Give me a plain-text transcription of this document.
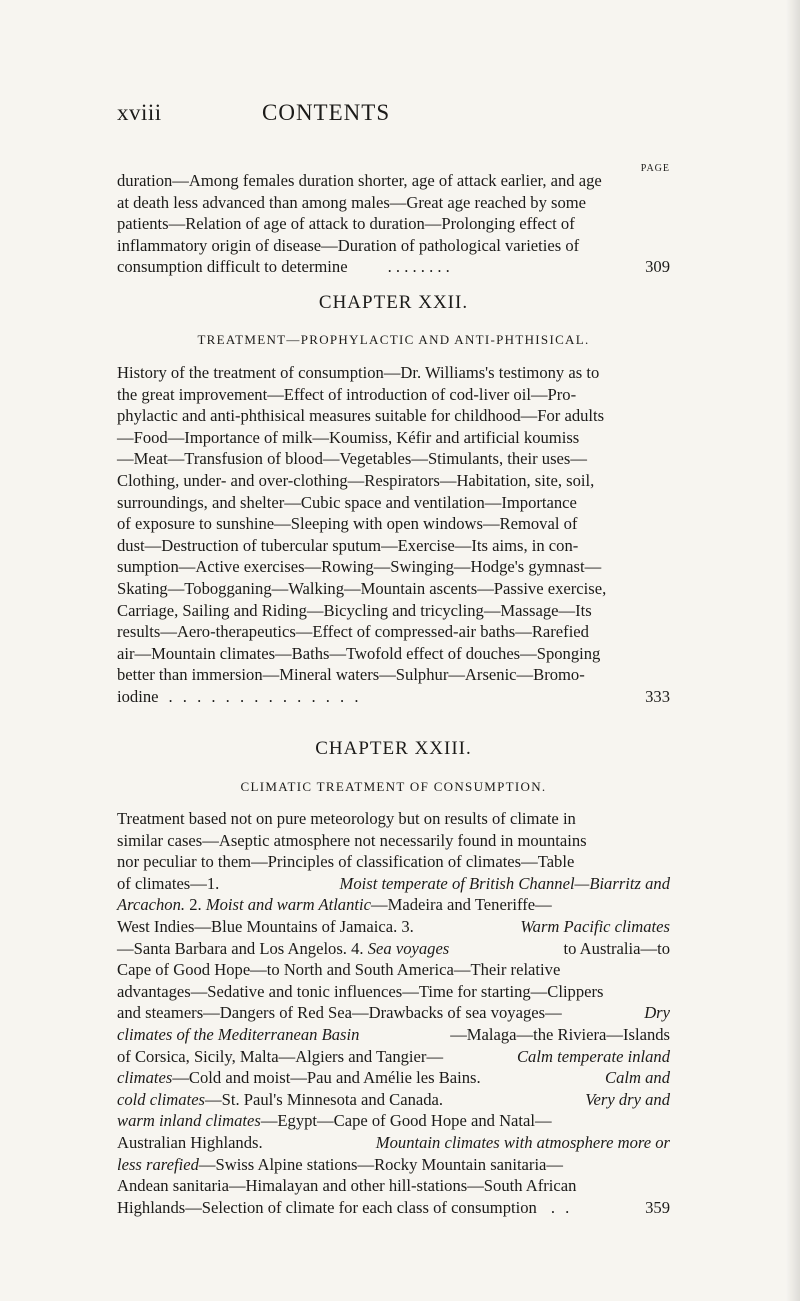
xviii	CONTENTS
PAGE
duration—Among females duration shorter, age of attack earlier, and age
at death less advanced than among males—Great age reached by some
patients—Relation of age of attack to duration—Prolonging effect of
inflammatory origin of disease—Duration of pathological varieties of
consumption difficult to determine . . . . . . . .	309
CHAPTER XXII.
TREATMENT—PROPHYLACTIC AND ANTI-PHTHISICAL.
History of the treatment of consumption—Dr. Williams's testimony as to
the great improvement—Effect of introduction of cod-liver oil—Pro-
phylactic and anti-phthisical measures suitable for childhood—For adults
—Food—Importance of milk—Koumiss, Kéfir and artificial koumiss
—Meat—Transfusion of blood—Vegetables—Stimulants, their uses—
Clothing, under- and over-clothing—Respirators—Habitation, site, soil,
surroundings, and shelter—Cubic space and ventilation—Importance
of exposure to sunshine—Sleeping with open windows—Removal of
dust—Destruction of tubercular sputum—Exercise—Its aims, in con-
sumption—Active exercises—Rowing—Swinging—Hodge's gymnast—
Skating—Tobogganing—Walking—Mountain ascents—Passive exercise,
Carriage, Sailing and Riding—Bicycling and tricycling—Massage—Its
results—Aero-therapeutics—Effect of compressed-air baths—Rarefied
air—Mountain climates—Baths—Twofold effect of douches—Sponging
better than immersion—Mineral waters—Sulphur—Arsenic—Bromo-
iodine . . . . . . . . . . . . . .	333
CHAPTER XXIII.
CLIMATIC TREATMENT OF CONSUMPTION.
Treatment based not on pure meteorology but on results of climate in
similar cases—Aseptic atmosphere not necessarily found in mountains
nor peculiar to them—Principles of classification of climates—Table
of climates—1.	Moist temperate of British Channel—Biarritz and
Arcachon. 2. Moist and warm Atlantic—Madeira and Teneriffe—
West Indies—Blue Mountains of Jamaica. 3.	Warm Pacific climates
—Santa Barbara and Los Angelos. 4. Sea voyages	to Australia—to
Cape of Good Hope—to North and South America—Their relative
advantages—Sedative and tonic influences—Time for starting—Clippers
and steamers—Dangers of Red Sea—Drawbacks of sea voyages—	Dry
climates of the Mediterranean Basin	—Malaga—the Riviera—Islands
of Corsica, Sicily, Malta—Algiers and Tangier—	Calm temperate inland
climates—Cold and moist—Pau and Amélie les Bains.	Calm and
cold climates—St. Paul's Minnesota and Canada.	Very dry and
warm inland climates—Egypt—Cape of Good Hope and Natal—
Australian Highlands.	Mountain climates with atmosphere more or
less rarefied—Swiss Alpine stations—Rocky Mountain sanitaria—
Andean sanitaria—Himalayan and other hill-stations—South African
Highlands—Selection of climate for each class of consumption . .	359
